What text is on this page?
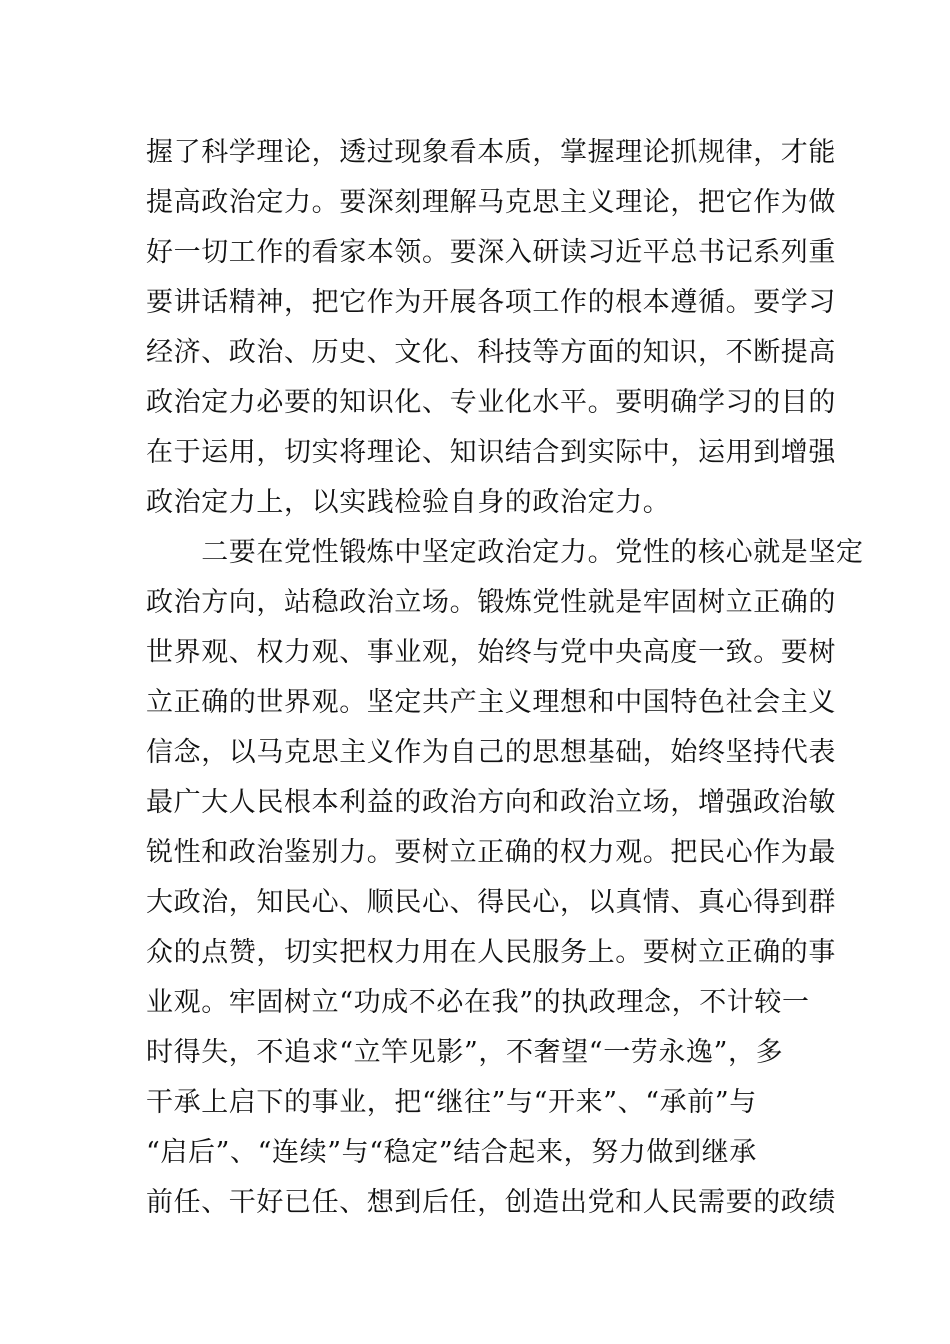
握了科学理论，透过现象看本质，掌握理论抓规律，才能
提高政治定力。要深刻理解马克思主义理论，把它作为做
好一切工作的看家本领。要深入研读习近平总书记系列重
要讲话精神，把它作为开展各项工作的根本遵循。要学习
经济、政治、历史、文化、科技等方面的知识，不断提高
政治定力必要的知识化、专业化水平。要明确学习的目的
在于运用，切实将理论、知识结合到实际中，运用到增强
政治定力上，以实践检验自身的政治定力。
　　二要在党性锻炼中坚定政治定力。党性的核心就是坚定
政治方向，站稳政治立场。锻炼党性就是牢固树立正确的
世界观、权力观、事业观，始终与党中央高度一致。要树
立正确的世界观。坚定共产主义理想和中国特色社会主义
信念，以马克思主义作为自己的思想基础，始终坚持代表
最广大人民根本利益的政治方向和政治立场，增强政治敏
锐性和政治鉴别力。要树立正确的权力观。把民心作为最
大政治，知民心、顺民心、得民心，以真情、真心得到群
众的点赞，切实把权力用在人民服务上。要树立正确的事
业观。牢固树立“功成不必在我”的执政理念，不计较一
时得失，不追求“立竿见影”，不奢望“一劳永逸”，多
干承上启下的事业，把“继往”与“开来”、“承前”与
“启后”、“连续”与“稳定”结合起来，努力做到继承
前任、干好已任、想到后任，创造出党和人民需要的政绩
